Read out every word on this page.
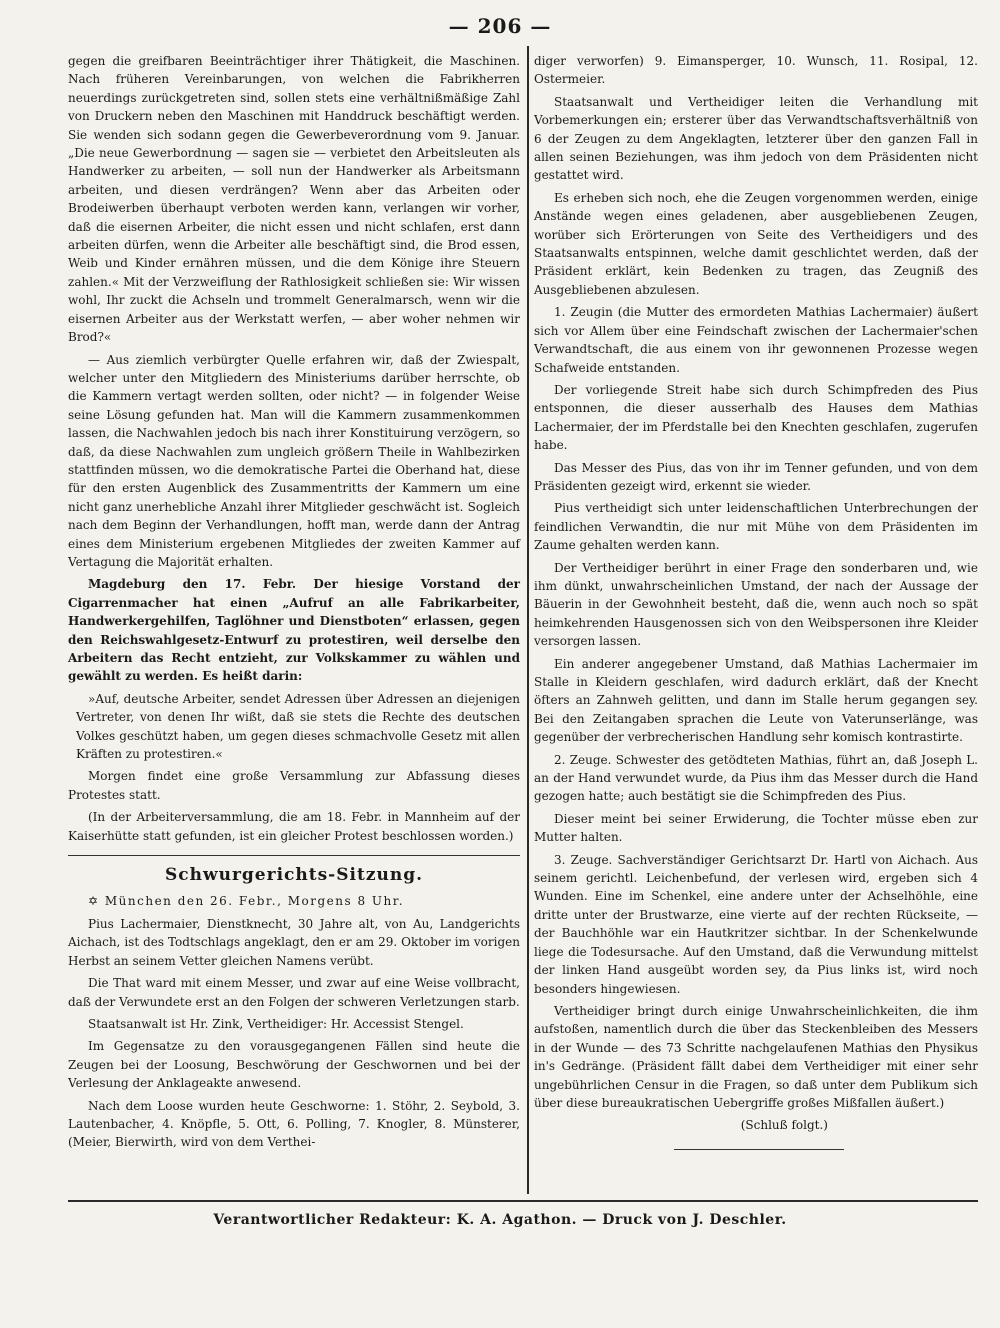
— 206 —

gegen die greifbaren Beeinträchtiger ihrer Thätigkeit, die Maschinen. Nach früheren Vereinbarungen, von welchen die Fabrikherren neuerdings zurückgetreten sind, sollen stets eine verhältnißmäßige Zahl von Druckern neben den Maschinen mit Handdruck beschäftigt werden. Sie wenden sich sodann gegen die Gewerbeverordnung vom 9. Januar. „Die neue Gewerbordnung — sagen sie — verbietet den Arbeitsleuten als Handwerker zu arbeiten, — soll nun der Handwerker als Arbeitsmann arbeiten, und diesen verdrängen? Wenn aber das Arbeiten oder Brodeiwerben überhaupt verboten werden kann, verlangen wir vorher, daß die eisernen Arbeiter, die nicht essen und nicht schlafen, erst dann arbeiten dürfen, wenn die Arbeiter alle beschäftigt sind, die Brod essen, Weib und Kinder ernähren müssen, und die dem Könige ihre Steuern zahlen.« Mit der Verzweiflung der Rathlosigkeit schließen sie: Wir wissen wohl, Ihr zuckt die Achseln und trommelt Generalmarsch, wenn wir die eisernen Arbeiter aus der Werkstatt werfen, — aber woher nehmen wir Brod?«

— Aus ziemlich verbürgter Quelle erfahren wir, daß der Zwiespalt, welcher unter den Mitgliedern des Ministeriums darüber herrschte, ob die Kammern vertagt werden sollten, oder nicht? — in folgender Weise seine Lösung gefunden hat. Man will die Kammern zusammenkommen lassen, die Nachwahlen jedoch bis nach ihrer Konstituirung verzögern, so daß, da diese Nachwahlen zum ungleich größern Theile in Wahlbezirken stattfinden müssen, wo die demokratische Partei die Oberhand hat, diese für den ersten Augenblick des Zusammentritts der Kammern um eine nicht ganz unerhebliche Anzahl ihrer Mitglieder geschwächt ist. Sogleich nach dem Beginn der Verhandlungen, hofft man, werde dann der Antrag eines dem Ministerium ergebenen Mitgliedes der zweiten Kammer auf Vertagung die Majorität erhalten.

Magdeburg den 17. Febr. Der hiesige Vorstand der Cigarrenmacher hat einen „Aufruf an alle Fabrikarbeiter, Handwerkergehilfen, Taglöhner und Dienstboten“ erlassen, gegen den Reichswahlgesetz-Entwurf zu protestiren, weil derselbe den Arbeitern das Recht entzieht, zur Volkskammer zu wählen und gewählt zu werden. Es heißt darin:

»Auf, deutsche Arbeiter, sendet Adressen über Adressen an diejenigen Vertreter, von denen Ihr wißt, daß sie stets die Rechte des deutschen Volkes geschützt haben, um gegen dieses schmachvolle Gesetz mit allen Kräften zu protestiren.«

Morgen findet eine große Versammlung zur Abfassung dieses Protestes statt.

(In der Arbeiterversammlung, die am 18. Febr. in Mannheim auf der Kaiserhütte statt gefunden, ist ein gleicher Protest beschlossen worden.)

Schwurgerichts-Sitzung.

✡ München den 26. Febr., Morgens 8 Uhr.

Pius Lachermaier, Dienstknecht, 30 Jahre alt, von Au, Landgerichts Aichach, ist des Todtschlags angeklagt, den er am 29. Oktober im vorigen Herbst an seinem Vetter gleichen Namens verübt.

Die That ward mit einem Messer, und zwar auf eine Weise vollbracht, daß der Verwundete erst an den Folgen der schweren Verletzungen starb.

Staatsanwalt ist Hr. Zink, Vertheidiger: Hr. Accessist Stengel.

Im Gegensatze zu den vorausgegangenen Fällen sind heute die Zeugen bei der Loosung, Beschwörung der Geschwornen und bei der Verlesung der Anklageakte anwesend.

Nach dem Loose wurden heute Geschworne: 1. Stöhr, 2. Seybold, 3. Lautenbacher, 4. Knöpfle, 5. Ott, 6. Polling, 7. Knogler, 8. Münsterer, (Meier, Bierwirth, wird von dem Verthei-

diger verworfen) 9. Eimansperger, 10. Wunsch, 11. Rosipal, 12. Ostermeier.

Staatsanwalt und Vertheidiger leiten die Verhandlung mit Vorbemerkungen ein; ersterer über das Verwandtschaftsverhältniß von 6 der Zeugen zu dem Angeklagten, letzterer über den ganzen Fall in allen seinen Beziehungen, was ihm jedoch von dem Präsidenten nicht gestattet wird.

Es erheben sich noch, ehe die Zeugen vorgenommen werden, einige Anstände wegen eines geladenen, aber ausgebliebenen Zeugen, worüber sich Erörterungen von Seite des Vertheidigers und des Staatsanwalts entspinnen, welche damit geschlichtet werden, daß der Präsident erklärt, kein Bedenken zu tragen, das Zeugniß des Ausgebliebenen abzulesen.

1. Zeugin (die Mutter des ermordeten Mathias Lachermaier) äußert sich vor Allem über eine Feindschaft zwischen der Lachermaier'schen Verwandtschaft, die aus einem von ihr gewonnenen Prozesse wegen Schafweide entstanden.

Der vorliegende Streit habe sich durch Schimpfreden des Pius entsponnen, die dieser ausserhalb des Hauses dem Mathias Lachermaier, der im Pferdstalle bei den Knechten geschlafen, zugerufen habe.

Das Messer des Pius, das von ihr im Tenner gefunden, und von dem Präsidenten gezeigt wird, erkennt sie wieder.

Pius vertheidigt sich unter leidenschaftlichen Unterbrechungen der feindlichen Verwandtin, die nur mit Mühe von dem Präsidenten im Zaume gehalten werden kann.

Der Vertheidiger berührt in einer Frage den sonderbaren und, wie ihm dünkt, unwahrscheinlichen Umstand, der nach der Aussage der Bäuerin in der Gewohnheit besteht, daß die, wenn auch noch so spät heimkehrenden Hausgenossen sich von den Weibspersonen ihre Kleider versorgen lassen.

Ein anderer angegebener Umstand, daß Mathias Lachermaier im Stalle in Kleidern geschlafen, wird dadurch erklärt, daß der Knecht öfters an Zahnweh gelitten, und dann im Stalle herum gegangen sey. Bei den Zeitangaben sprachen die Leute von Vaterunserlänge, was gegenüber der verbrecherischen Handlung sehr komisch kontrastirte.

2. Zeuge. Schwester des getödteten Mathias, führt an, daß Joseph L. an der Hand verwundet wurde, da Pius ihm das Messer durch die Hand gezogen hatte; auch bestätigt sie die Schimpfreden des Pius.

Dieser meint bei seiner Erwiderung, die Tochter müsse eben zur Mutter halten.

3. Zeuge. Sachverständiger Gerichtsarzt Dr. Hartl von Aichach. Aus seinem gerichtl. Leichenbefund, der verlesen wird, ergeben sich 4 Wunden. Eine im Schenkel, eine andere unter der Achselhöhle, eine dritte unter der Brustwarze, eine vierte auf der rechten Rückseite, — der Bauchhöhle war ein Hautkritzer sichtbar. In der Schenkelwunde liege die Todesursache. Auf den Umstand, daß die Verwundung mittelst der linken Hand ausgeübt worden sey, da Pius links ist, wird noch besonders hingewiesen.

Vertheidiger bringt durch einige Unwahrscheinlichkeiten, die ihm aufstoßen, namentlich durch die über das Steckenbleiben des Messers in der Wunde — des 73 Schritte nachgelaufenen Mathias den Physikus in's Gedränge. (Präsident fällt dabei dem Vertheidiger mit einer sehr ungebührlichen Censur in die Fragen, so daß unter dem Publikum sich über diese bureaukratischen Uebergriffe großes Mißfallen äußert.)

(Schluß folgt.)

Verantwortlicher Redakteur: K. A. Agathon. — Druck von J. Deschler.
